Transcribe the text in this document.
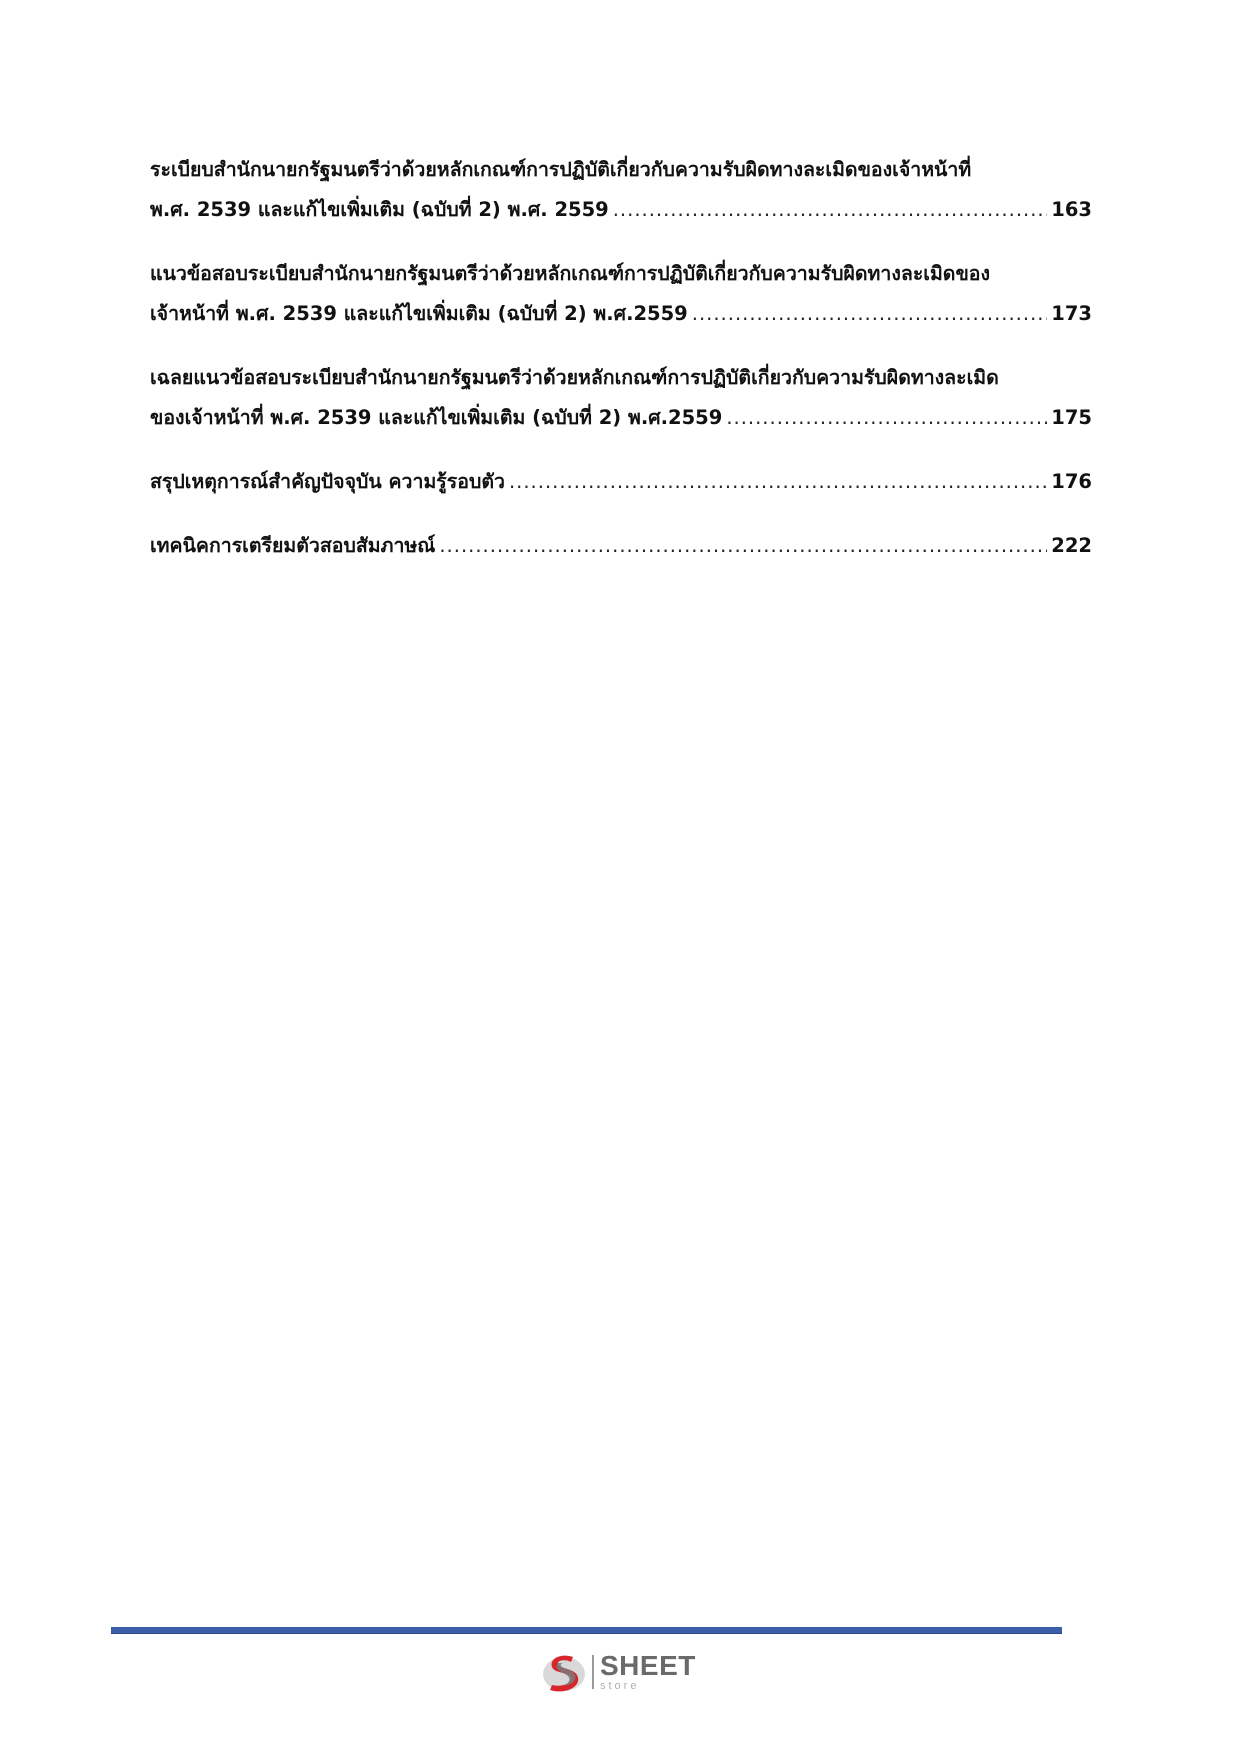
ระเบียบสำนักนายกรัฐมนตรีว่าด้วยหลักเกณฑ์การปฏิบัติเกี่ยวกับความรับผิดทางละเมิดของเจ้าหน้าที่
พ.ศ. 2539 และแก้ไขเพิ่มเติม (ฉบับที่ 2) พ.ศ. 2559 .....	163
แนวข้อสอบระเบียบสำนักนายกรัฐมนตรีว่าด้วยหลักเกณฑ์การปฏิบัติเกี่ยวกับความรับผิดทางละเมิดของ
เจ้าหน้าที่ พ.ศ. 2539 และแก้ไขเพิ่มเติม (ฉบับที่ 2) พ.ศ.2559 .....	173
เฉลยแนวข้อสอบระเบียบสำนักนายกรัฐมนตรีว่าด้วยหลักเกณฑ์การปฏิบัติเกี่ยวกับความรับผิดทางละเมิด
ของเจ้าหน้าที่ พ.ศ. 2539 และแก้ไขเพิ่มเติม (ฉบับที่ 2) พ.ศ.2559 .....	175
สรุปเหตุการณ์สำคัญปัจจุบัน ความรู้รอบตัว .....	176
เทคนิคการเตรียมตัวสอบสัมภาษณ์ .....	222
SHEET
store
